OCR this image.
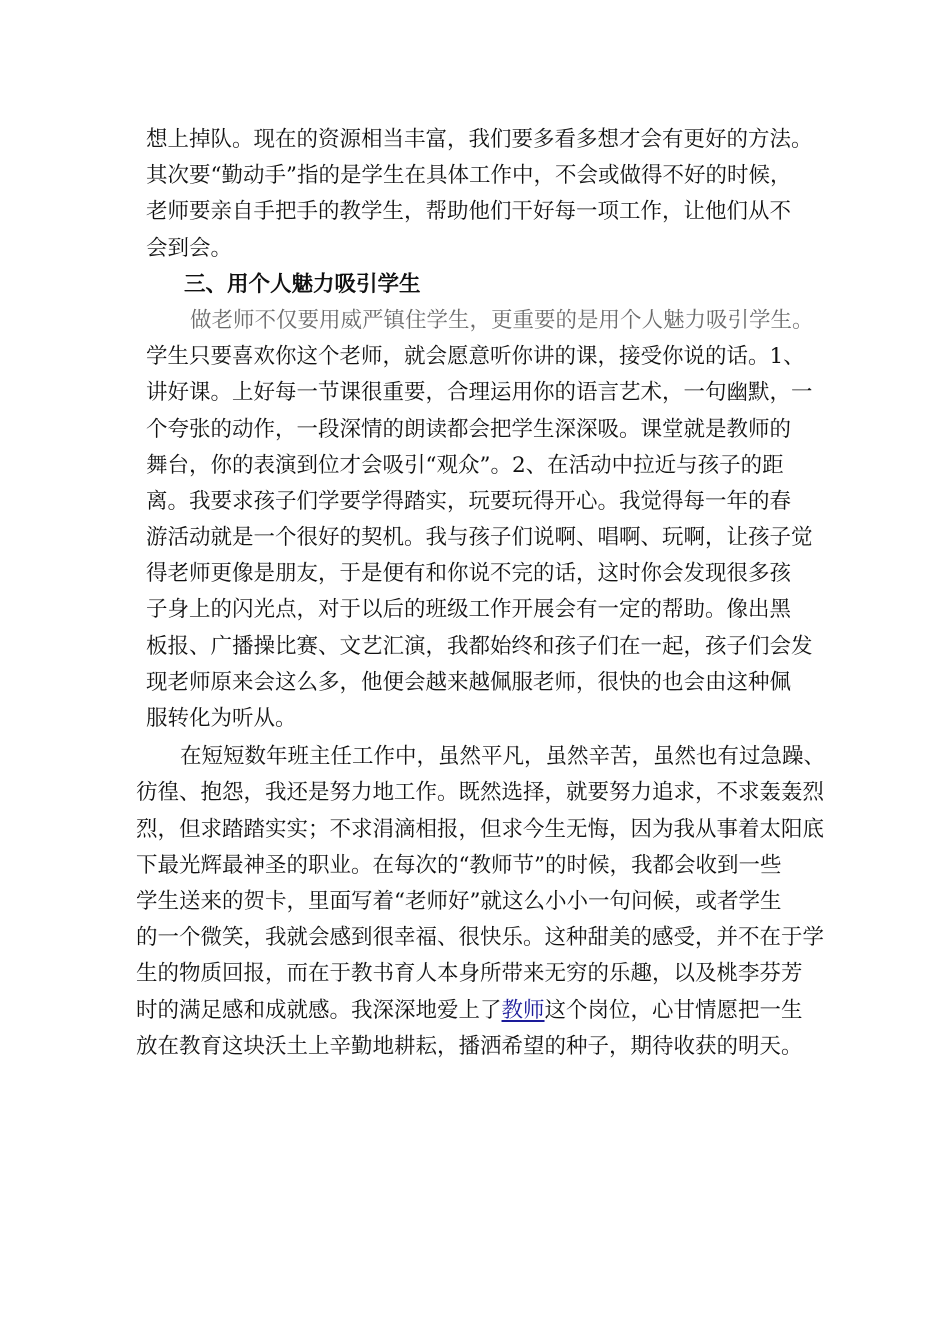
想上掉队。现在的资源相当丰富，我们要多看多想才会有更好的方法。
其次要“勤动手”指的是学生在具体工作中，不会或做得不好的时候，
老师要亲自手把手的教学生，帮助他们干好每一项工作，让他们从不
会到会。
三、用个人魅力吸引学生
做老师不仅要用威严镇住学生，更重要的是用个人魅力吸引学生。
学生只要喜欢你这个老师，就会愿意听你讲的课，接受你说的话。1、
讲好课。上好每一节课很重要，合理运用你的语言艺术，一句幽默，一
个夸张的动作，一段深情的朗读都会把学生深深吸。课堂就是教师的
舞台，你的表演到位才会吸引“观众”。2、在活动中拉近与孩子的距
离。我要求孩子们学要学得踏实，玩要玩得开心。我觉得每一年的春
游活动就是一个很好的契机。我与孩子们说啊、唱啊、玩啊，让孩子觉
得老师更像是朋友，于是便有和你说不完的话，这时你会发现很多孩
子身上的闪光点，对于以后的班级工作开展会有一定的帮助。像出黑
板报、广播操比赛、文艺汇演，我都始终和孩子们在一起，孩子们会发
现老师原来会这么多，他便会越来越佩服老师，很快的也会由这种佩
服转化为听从。
在短短数年班主任工作中，虽然平凡，虽然辛苦，虽然也有过急躁、
彷徨、抱怨，我还是努力地工作。既然选择，就要努力追求，不求轰轰烈
烈，但求踏踏实实；不求涓滴相报，但求今生无悔，因为我从事着太阳底
下最光辉最神圣的职业。在每次的“教师节”的时候，我都会收到一些
学生送来的贺卡，里面写着“老师好”就这么小小一句问候，或者学生
的一个微笑，我就会感到很幸福、很快乐。这种甜美的感受，并不在于学
生的物质回报，而在于教书育人本身所带来无穷的乐趣，以及桃李芬芳
时的满足感和成就感。我深深地爱上了教师这个岗位，心甘情愿把一生
放在教育这块沃土上辛勤地耕耘，播洒希望的种子，期待收获的明天。
